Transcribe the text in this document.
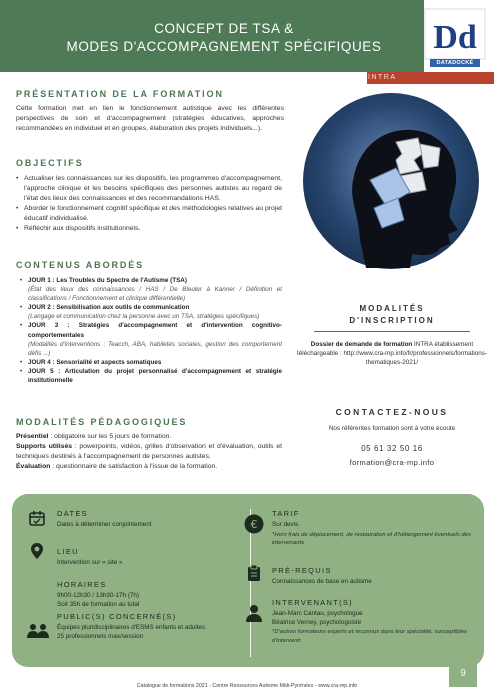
CONCEPT DE TSA &
MODES D'ACCOMPAGNEMENT SPÉCIFIQUES	Dd
DATADOCKÉ
INTRA
PRÉSENTATION DE LA FORMATION
Cette formation met en lien le fonctionnement autistique avec les différentes perspectives de soin et d'accompagnement (stratégies éducatives, approches recommandées en individuel et en groupes, élaboration des projets individuels...).
OBJECTIFS
• Actualiser les connaissances sur les dispositifs, les programmes d'accompagnement, l'approche clinique et les besoins spécifiques des personnes autistes au regard de l'état des lieux des connaissances et des recommandations HAS.
• Aborder le fonctionnement cognitif spécifique et des méthodologies relatives au projet éducatif individualisé.
• Réfléchir aux dispositifs institutionnels.
CONTENUS ABORDÉS
• JOUR 1 : Les Troubles du Spectre de l'Autisme (TSA)
(État des lieux des connaissances / HAS / De Bleuler à Kanner / Définition et classifications / Fonctionnement et clinique différentielle)
• JOUR 2 : Sensibilisation aux outils de communication
(Langage et communication chez la personne avec un TSA, stratégies spécifiques)
• JOUR 3 : Stratégies d'accompagnement et d'intervention cognitivo-comportementales
(Modalités d'interventions : Teacch, ABA, habiletés sociales, gestion des comportement défis ...)
• JOUR 4 : Sensorialité et aspects somatiques
• JOUR 5 : Articulation du projet personnalisé d'accompagnement et stratégie institutionnelle
MODALITÉS PÉDAGOGIQUES
Présentiel : obligatoire sur les 5 jours de formation.
Supports utilisés : powerpoints, vidéos, grilles d'observation et d'évaluation, outils et techniques destinés à l'accompagnement de personnes autistes.
Évaluation : questionnaire de satisfaction à l'issue de la formation.
MODALITÉS
D'INSCRIPTION
Dossier de demande de formation INTRA établissement téléchargeable : http://www.cra-mp.info/fr/professionnels/formations-thematiques-2021/
CONTACTEZ-NOUS
Nos référentes formation sont à votre écoute
05 61 32 50 16
formation@cra-mp.info
DATES
Dates à déterminer conjointement
LIEU
Intervention sur « site »
HORAIRES
9h00-12h30 / 13h30-17h (7h)
Soit 35h de formation au total
PUBLIC(S) CONCERNÉ(S)
Équipes pluridisciplinaires d'ESMS enfants et adultes
25 professionnels max/session
€
TARIF
Sur devis
*Hors frais de déplacement, de restauration et d'hébergement éventuels des intervenants
PRÉ-REQUIS
Connaissances de base en autisme
INTERVENANT(S)
Jean-Marc Cantau, psychologue
Béatrice Verney, psychologuiste
*D'autres formateurs experts et reconnus dans leur spécialité, susceptibles d'intervenir
9
Catalogue de formations 2021 - Centre Ressources Autisme Midi-Pyrénées - www.cra-mp.info
